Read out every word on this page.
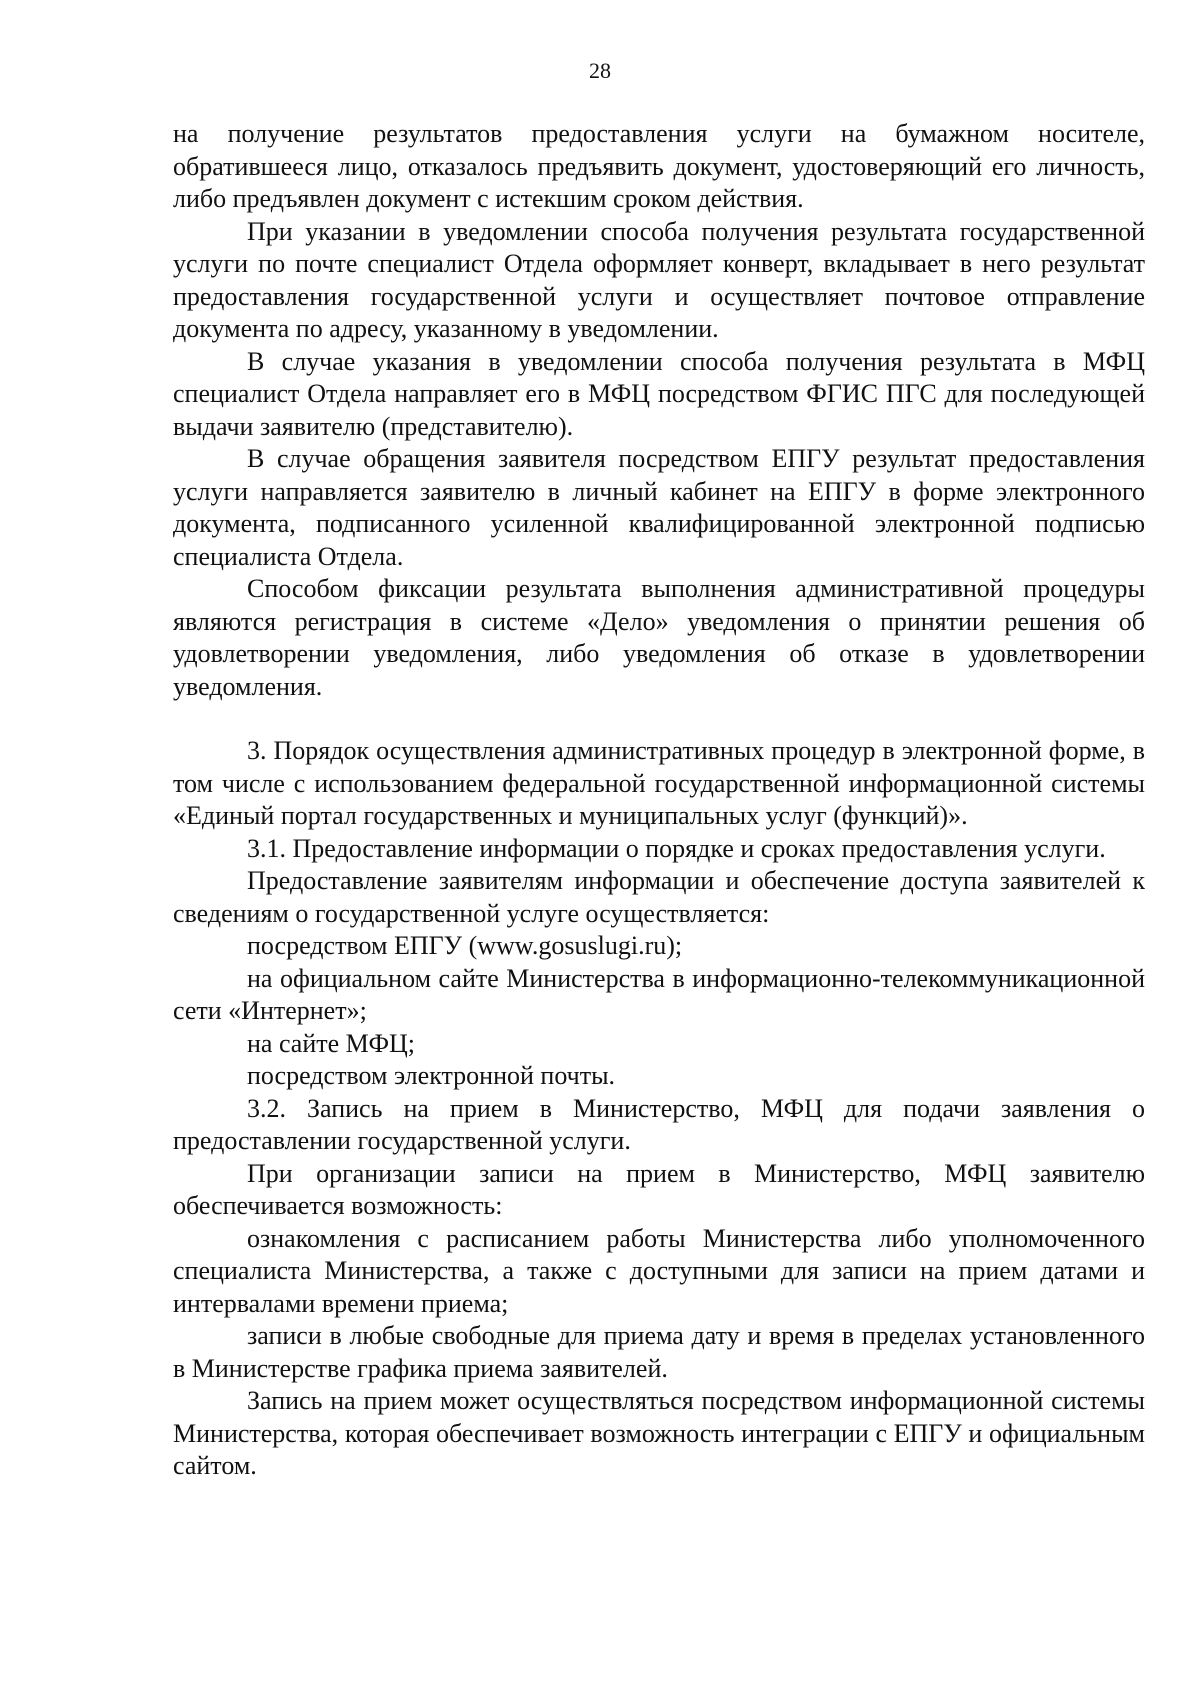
28

на получение результатов предоставления услуги на бумажном носителе, обратившееся лицо, отказалось предъявить документ, удостоверяющий его личность, либо предъявлен документ с истекшим сроком действия.

При указании в уведомлении способа получения результата государственной услуги по почте специалист Отдела оформляет конверт, вкладывает в него результат предоставления государственной услуги и осуществляет почтовое отправление документа по адресу, указанному в уведомлении.

В случае указания в уведомлении способа получения результата в МФЦ специалист Отдела направляет его в МФЦ посредством ФГИС ПГС для последующей выдачи заявителю (представителю).

В случае обращения заявителя посредством ЕПГУ результат предоставления услуги направляется заявителю в личный кабинет на ЕПГУ в форме электронного документа, подписанного усиленной квалифицированной электронной подписью специалиста Отдела.

Способом фиксации результата выполнения административной процедуры являются регистрация в системе «Дело» уведомления о принятии решения об удовлетворении уведомления, либо уведомления об отказе в удовлетворении уведомления.

3. Порядок осуществления административных процедур в электронной форме, в том числе с использованием федеральной государственной информационной системы «Единый портал государственных и муниципальных услуг (функций)».

3.1. Предоставление информации о порядке и сроках предоставления услуги.

Предоставление заявителям информации и обеспечение доступа заявителей к сведениям о государственной услуге осуществляется:

посредством ЕПГУ (www.gosuslugi.ru);

на официальном сайте Министерства в информационно-телекоммуникационной сети «Интернет»;

на сайте МФЦ;

посредством электронной почты.

3.2. Запись на прием в Министерство, МФЦ для подачи заявления о предоставлении государственной услуги.

При организации записи на прием в Министерство, МФЦ заявителю обеспечивается возможность:

ознакомления с расписанием работы Министерства либо уполномоченного специалиста Министерства, а также с доступными для записи на прием датами и интервалами времени приема;

записи в любые свободные для приема дату и время в пределах установленного в Министерстве графика приема заявителей.

Запись на прием может осуществляться посредством информационной системы Министерства, которая обеспечивает возможность интеграции с ЕПГУ и официальным сайтом.
